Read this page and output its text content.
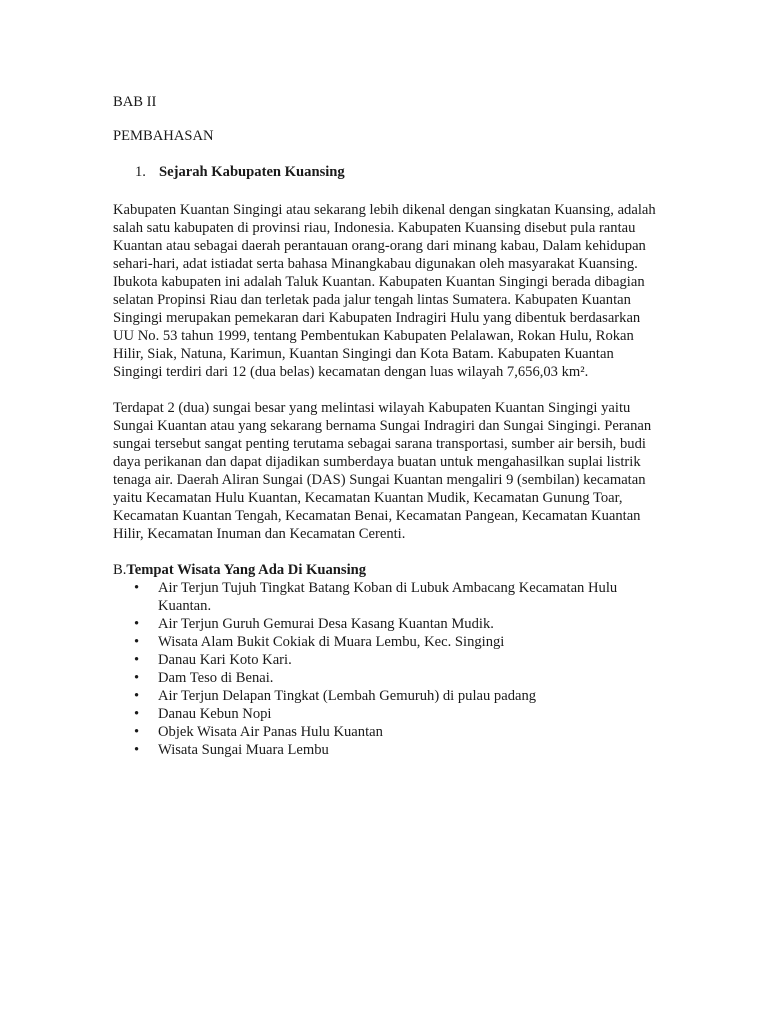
BAB II

PEMBAHASAN

1. Sejarah Kabupaten Kuansing

Kabupaten Kuantan Singingi atau sekarang lebih dikenal dengan singkatan Kuansing, adalah salah satu kabupaten di provinsi riau, Indonesia. Kabupaten Kuansing disebut pula rantau Kuantan atau sebagai daerah perantauan orang-orang dari minang kabau, Dalam kehidupan sehari-hari, adat istiadat serta bahasa Minangkabau digunakan oleh masyarakat Kuansing. Ibukota kabupaten ini adalah Taluk Kuantan. Kabupaten Kuantan Singingi berada dibagian selatan Propinsi Riau dan terletak pada jalur tengah lintas Sumatera. Kabupaten Kuantan Singingi merupakan pemekaran dari Kabupaten Indragiri Hulu yang dibentuk berdasarkan UU No. 53 tahun 1999, tentang Pembentukan Kabupaten Pelalawan, Rokan Hulu, Rokan Hilir, Siak, Natuna, Karimun, Kuantan Singingi dan Kota Batam. Kabupaten Kuantan Singingi terdiri dari 12 (dua belas) kecamatan dengan luas wilayah 7,656,03 km².

Terdapat 2 (dua) sungai besar yang melintasi wilayah Kabupaten Kuantan Singingi yaitu Sungai Kuantan atau yang sekarang bernama Sungai Indragiri dan Sungai Singingi. Peranan sungai tersebut sangat penting terutama sebagai sarana transportasi, sumber air bersih, budi daya perikanan dan dapat dijadikan sumberdaya buatan untuk mengahasilkan suplai listrik tenaga air. Daerah Aliran Sungai (DAS) Sungai Kuantan mengaliri 9 (sembilan) kecamatan yaitu Kecamatan Hulu Kuantan, Kecamatan Kuantan Mudik, Kecamatan Gunung Toar, Kecamatan Kuantan Tengah, Kecamatan Benai, Kecamatan Pangean, Kecamatan Kuantan Hilir, Kecamatan Inuman dan Kecamatan Cerenti.

B.Tempat Wisata Yang Ada Di Kuansing
• Air Terjun Tujuh Tingkat Batang Koban di Lubuk Ambacang Kecamatan Hulu Kuantan.
• Air Terjun Guruh Gemurai Desa Kasang Kuantan Mudik.
• Wisata Alam Bukit Cokiak di Muara Lembu, Kec. Singingi
• Danau Kari Koto Kari.
• Dam Teso di Benai.
• Air Terjun Delapan Tingkat (Lembah Gemuruh) di pulau padang
• Danau Kebun Nopi
• Objek Wisata Air Panas Hulu Kuantan
• Wisata Sungai Muara Lembu
